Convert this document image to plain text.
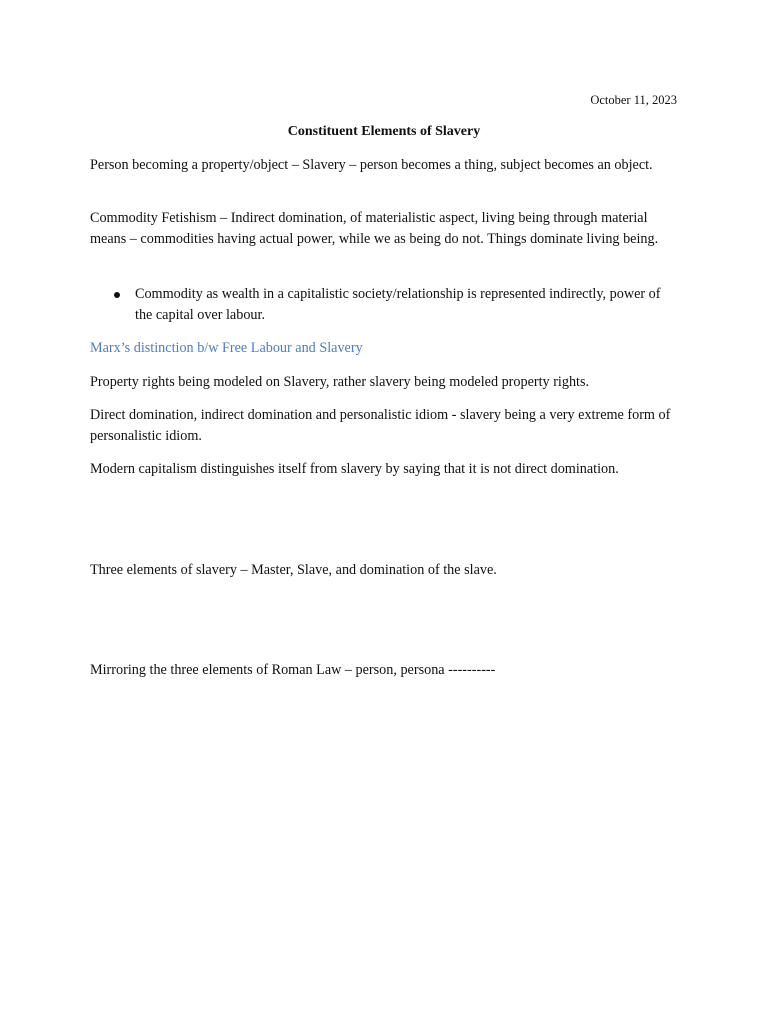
October 11, 2023
Constituent Elements of Slavery

Person becoming a property/object – Slavery – person becomes a thing, subject becomes an object.

Commodity Fetishism – Indirect domination, of materialistic aspect, living being through material means – commodities having actual power, while we as being do not. Things dominate living being.

Commodity as wealth in a capitalistic society/relationship is represented indirectly, power of the capital over labour.
Marx’s distinction b/w Free Labour and Slavery

Property rights being modeled on Slavery, rather slavery being modeled property rights.

Direct domination, indirect domination and personalistic idiom - slavery being a very extreme form of personalistic idiom.

Modern capitalism distinguishes itself from slavery by saying that it is not direct domination.

Three elements of slavery – Master, Slave, and domination of the slave.

Mirroring the three elements of Roman Law – person, persona ----------
